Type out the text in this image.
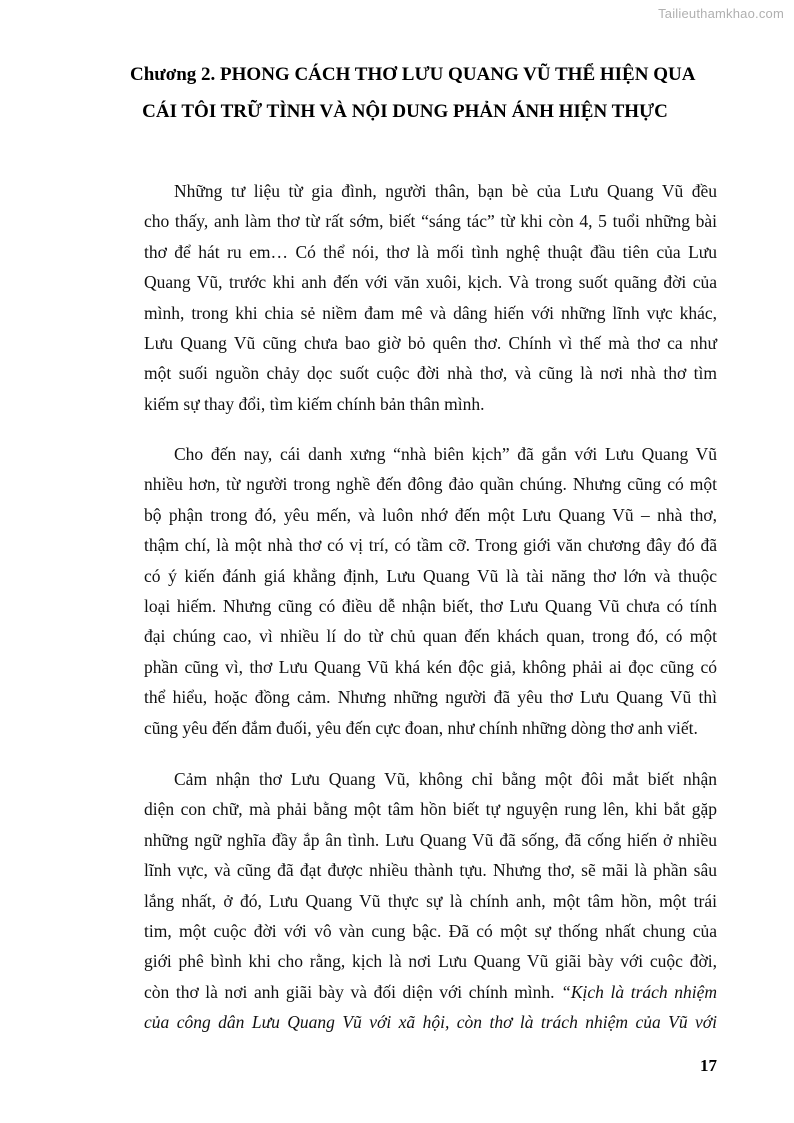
Tailieuthamkhao.com
Chương 2. PHONG CÁCH THƠ LƯU QUANG VŨ THỂ HIỆN QUA
CÁI TÔI TRỮ TÌNH VÀ NỘI DUNG PHẢN ÁNH HIỆN THỰC
Những tư liệu từ gia đình, người thân, bạn bè của Lưu Quang Vũ đều
cho thấy, anh làm thơ từ rất sớm, biết “sáng tác” từ khi còn 4, 5 tuổi những bài
thơ để hát ru em… Có thể nói, thơ là mối tình nghệ thuật đầu tiên của Lưu
Quang Vũ, trước khi anh đến với văn xuôi, kịch. Và trong suốt quãng đời của
mình, trong khi chia sẻ niềm đam mê và dâng hiến với những lĩnh vực khác,
Lưu Quang Vũ cũng chưa bao giờ bỏ quên thơ. Chính vì thế mà thơ ca như
một suối nguồn chảy dọc suốt cuộc đời nhà thơ, và cũng là nơi nhà thơ tìm
kiếm sự thay đổi, tìm kiếm chính bản thân mình.
Cho đến nay, cái danh xưng “nhà biên kịch” đã gắn với Lưu Quang Vũ
nhiều hơn, từ người trong nghề đến đông đảo quần chúng. Nhưng cũng có một
bộ phận trong đó, yêu mến, và luôn nhớ đến một Lưu Quang Vũ – nhà thơ,
thậm chí, là một nhà thơ có vị trí, có tầm cỡ. Trong giới văn chương đây đó đã
có ý kiến đánh giá khẳng định, Lưu Quang Vũ là tài năng thơ lớn và thuộc
loại hiếm. Nhưng cũng có điều dễ nhận biết, thơ Lưu Quang Vũ chưa có tính
đại chúng cao, vì nhiều lí do từ chủ quan đến khách quan, trong đó, có một
phần cũng vì, thơ Lưu Quang Vũ khá kén độc giả, không phải ai đọc cũng có
thể hiểu, hoặc đồng cảm. Nhưng những người đã yêu thơ Lưu Quang Vũ thì
cũng yêu đến đắm đuối, yêu đến cực đoan, như chính những dòng thơ anh viết.
Cảm nhận thơ Lưu Quang Vũ, không chỉ bằng một đôi mắt biết nhận
diện con chữ, mà phải bằng một tâm hồn biết tự nguyện rung lên, khi bắt gặp
những ngữ nghĩa đầy ắp ân tình. Lưu Quang Vũ đã sống, đã cống hiến ở nhiều
lĩnh vực, và cũng đã đạt được nhiều thành tựu. Nhưng thơ, sẽ mãi là phần sâu
lắng nhất, ở đó, Lưu Quang Vũ thực sự là chính anh, một tâm hồn, một trái
tim, một cuộc đời với vô vàn cung bậc. Đã có một sự thống nhất chung của
giới phê bình khi cho rằng, kịch là nơi Lưu Quang Vũ giãi bày với cuộc đời,
còn thơ là nơi anh giãi bày và đối diện với chính mình. “Kịch là trách nhiệm
của công dân Lưu Quang Vũ với xã hội, còn thơ là trách nhiệm của Vũ với
17
